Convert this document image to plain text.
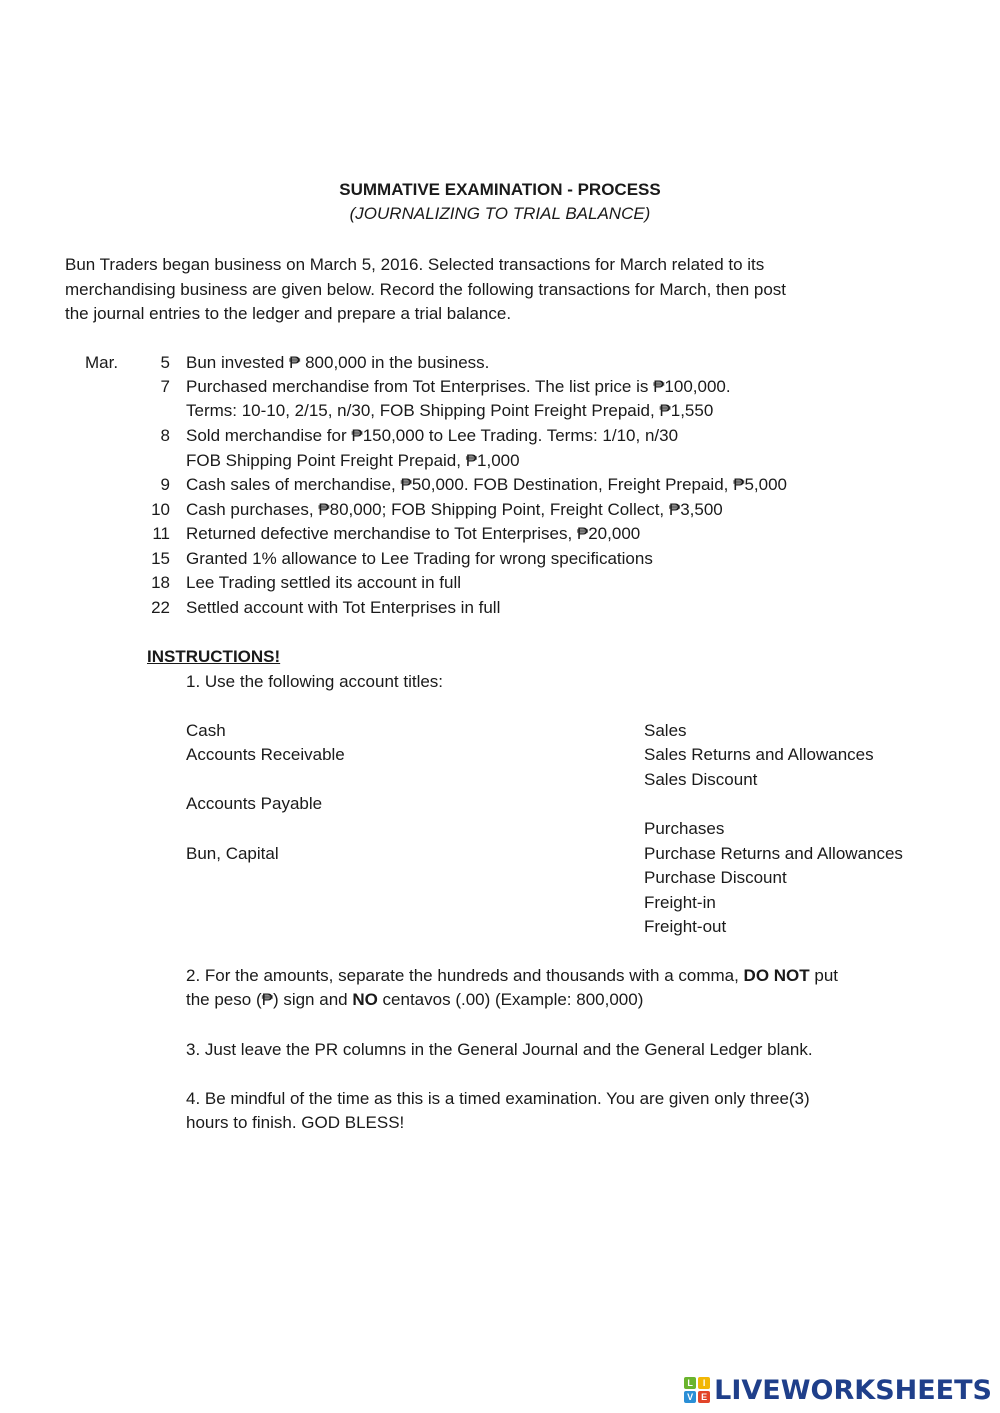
SUMMATIVE EXAMINATION - PROCESS
(JOURNALIZING TO TRIAL BALANCE)
Bun Traders began business on March 5, 2016. Selected transactions for March related to its
merchandising business are given below. Record the following transactions for March, then post
the journal entries to the ledger and prepare a trial balance.
Mar.	5 Bun invested ₱ 800,000 in the business.
7 Purchased merchandise from Tot Enterprises. The list price is ₱100,000.
Terms: 10-10, 2/15, n/30, FOB Shipping Point Freight Prepaid, ₱1,550
8 Sold merchandise for ₱150,000 to Lee Trading. Terms: 1/10, n/30
FOB Shipping Point Freight Prepaid, ₱1,000
9 Cash sales of merchandise, ₱50,000. FOB Destination, Freight Prepaid, ₱5,000
10 Cash purchases, ₱80,000; FOB Shipping Point, Freight Collect, ₱3,500
11 Returned defective merchandise to Tot Enterprises, ₱20,000
15 Granted 1% allowance to Lee Trading for wrong specifications
18 Lee Trading settled its account in full
22 Settled account with Tot Enterprises in full
INSTRUCTIONS!
1. Use the following account titles:
Cash
Accounts Receivable
Accounts Payable
Bun, Capital
Sales
Sales Returns and Allowances
Sales Discount
Purchases
Purchase Returns and Allowances
Purchase Discount
Freight-in
Freight-out
2. For the amounts, separate the hundreds and thousands with a comma, DO NOT put
the peso (₱) sign and NO centavos (.00) (Example: 800,000)
3. Just leave the PR columns in the General Journal and the General Ledger blank.
4. Be mindful of the time as this is a timed examination. You are given only three(3)
hours to finish. GOD BLESS!
L	I
V E LIVEWORKSHEETS
